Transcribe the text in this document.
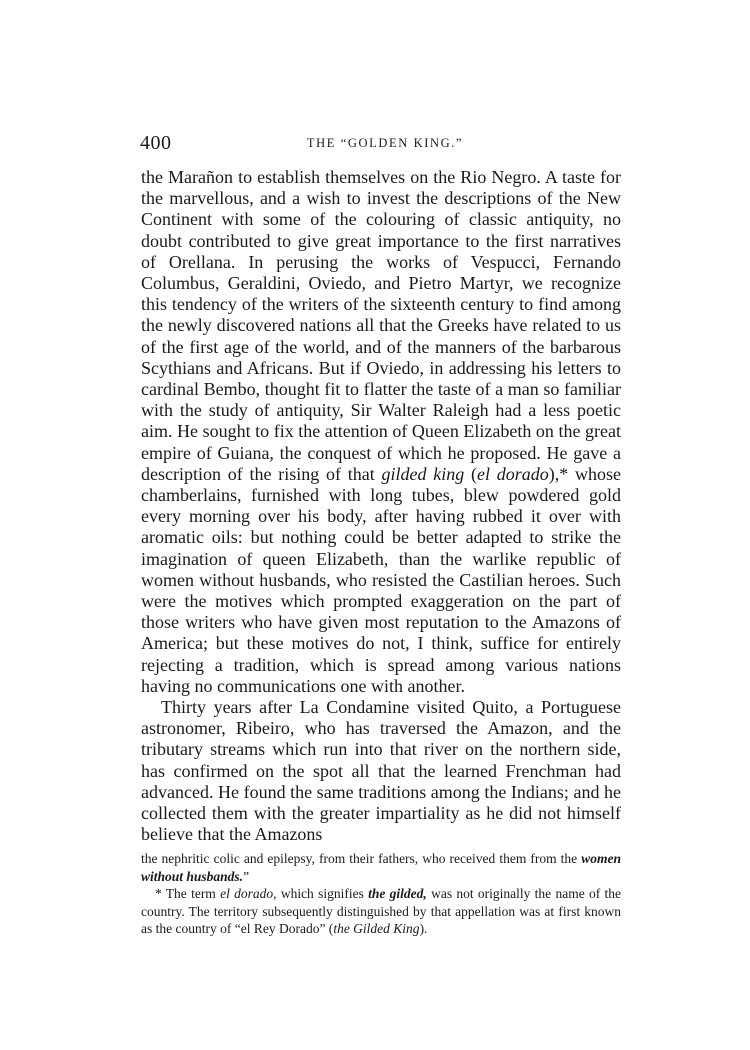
400	THE “GOLDEN KING.”

the Marañon to establish themselves on the Rio Negro. A taste for the marvellous, and a wish to invest the descriptions of the New Continent with some of the colouring of classic antiquity, no doubt contributed to give great importance to the first narratives of Orellana. In perusing the works of Vespucci, Fernando Columbus, Geraldini, Oviedo, and Pietro Martyr, we recognize this tendency of the writers of the sixteenth century to find among the newly discovered nations all that the Greeks have related to us of the first age of the world, and of the manners of the barbarous Scythians and Africans. But if Oviedo, in addressing his letters to cardinal Bembo, thought fit to flatter the taste of a man so familiar with the study of antiquity, Sir Walter Raleigh had a less poetic aim. He sought to fix the attention of Queen Elizabeth on the great empire of Guiana, the conquest of which he proposed. He gave a description of the rising of that gilded king (el dorado),* whose chamberlains, furnished with long tubes, blew powdered gold every morning over his body, after having rubbed it over with aromatic oils: but nothing could be better adapted to strike the imagination of queen Elizabeth, than the warlike republic of women without husbands, who resisted the Castilian heroes. Such were the motives which prompted exaggeration on the part of those writers who have given most reputation to the Amazons of America; but these motives do not, I think, suffice for entirely rejecting a tradition, which is spread among various nations having no communications one with another.

Thirty years after La Condamine visited Quito, a Portuguese astronomer, Ribeiro, who has traversed the Amazon, and the tributary streams which run into that river on the northern side, has confirmed on the spot all that the learned Frenchman had advanced. He found the same traditions among the Indians; and he collected them with the greater impartiality as he did not himself believe that the Amazons

the nephritic colic and epilepsy, from their fathers, who received them from the women without husbands.”

* The term el dorado, which signifies the gilded, was not originally the name of the country. The territory subsequently distinguished by that appellation was at first known as the country of “el Rey Dorado” (the Gilded King).
